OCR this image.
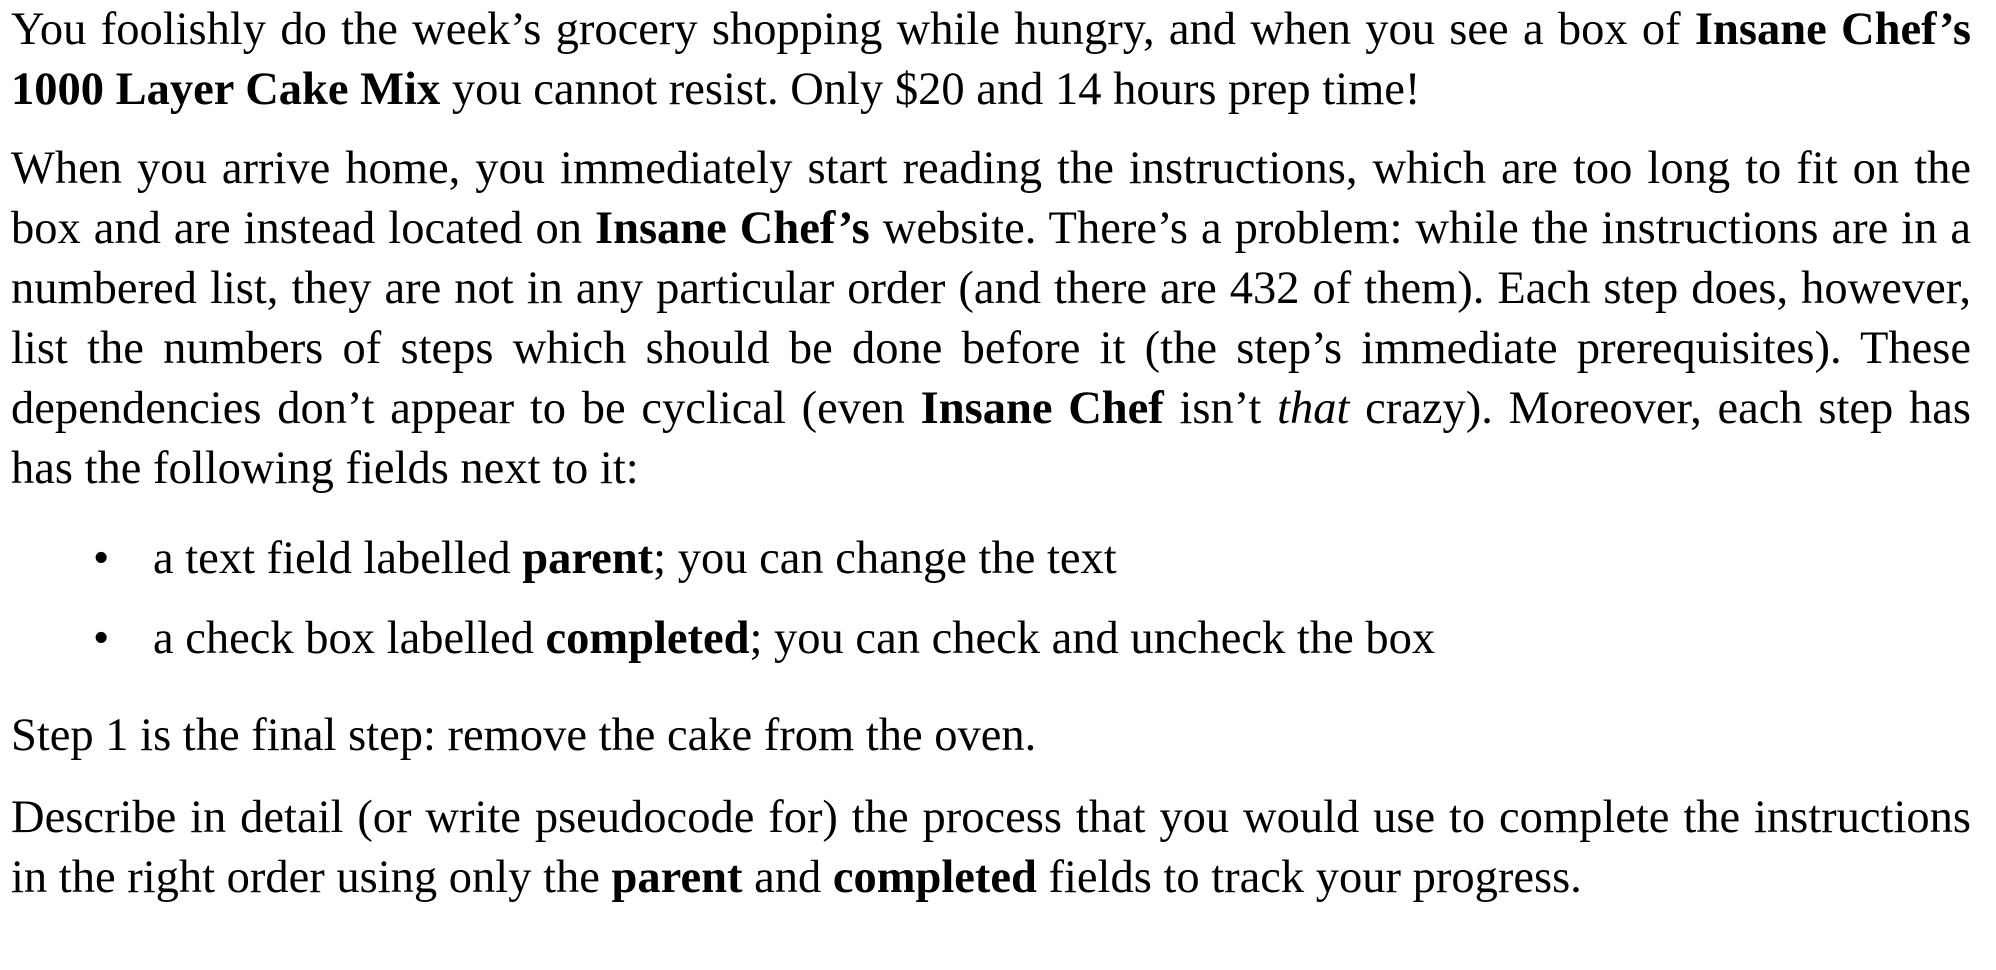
You foolishly do the week’s grocery shopping while hungry, and when you see a box of Insane Chef’s 1000 Layer Cake Mix you cannot resist. Only $20 and 14 hours prep time!

When you arrive home, you immediately start reading the instructions, which are too long to fit on the box and are instead located on Insane Chef’s website. There’s a problem: while the instructions are in a numbered list, they are not in any particular order (and there are 432 of them). Each step does, however, list the numbers of steps which should be done before it (the step’s immediate prerequisites). These dependencies don’t appear to be cyclical (even Insane Chef isn’t that crazy). Moreover, each step has has the following fields next to it:

• a text field labelled parent; you can change the text
• a check box labelled completed; you can check and uncheck the box

Step 1 is the final step: remove the cake from the oven.

Describe in detail (or write pseudocode for) the process that you would use to complete the instructions in the right order using only the parent and completed fields to track your progress.
